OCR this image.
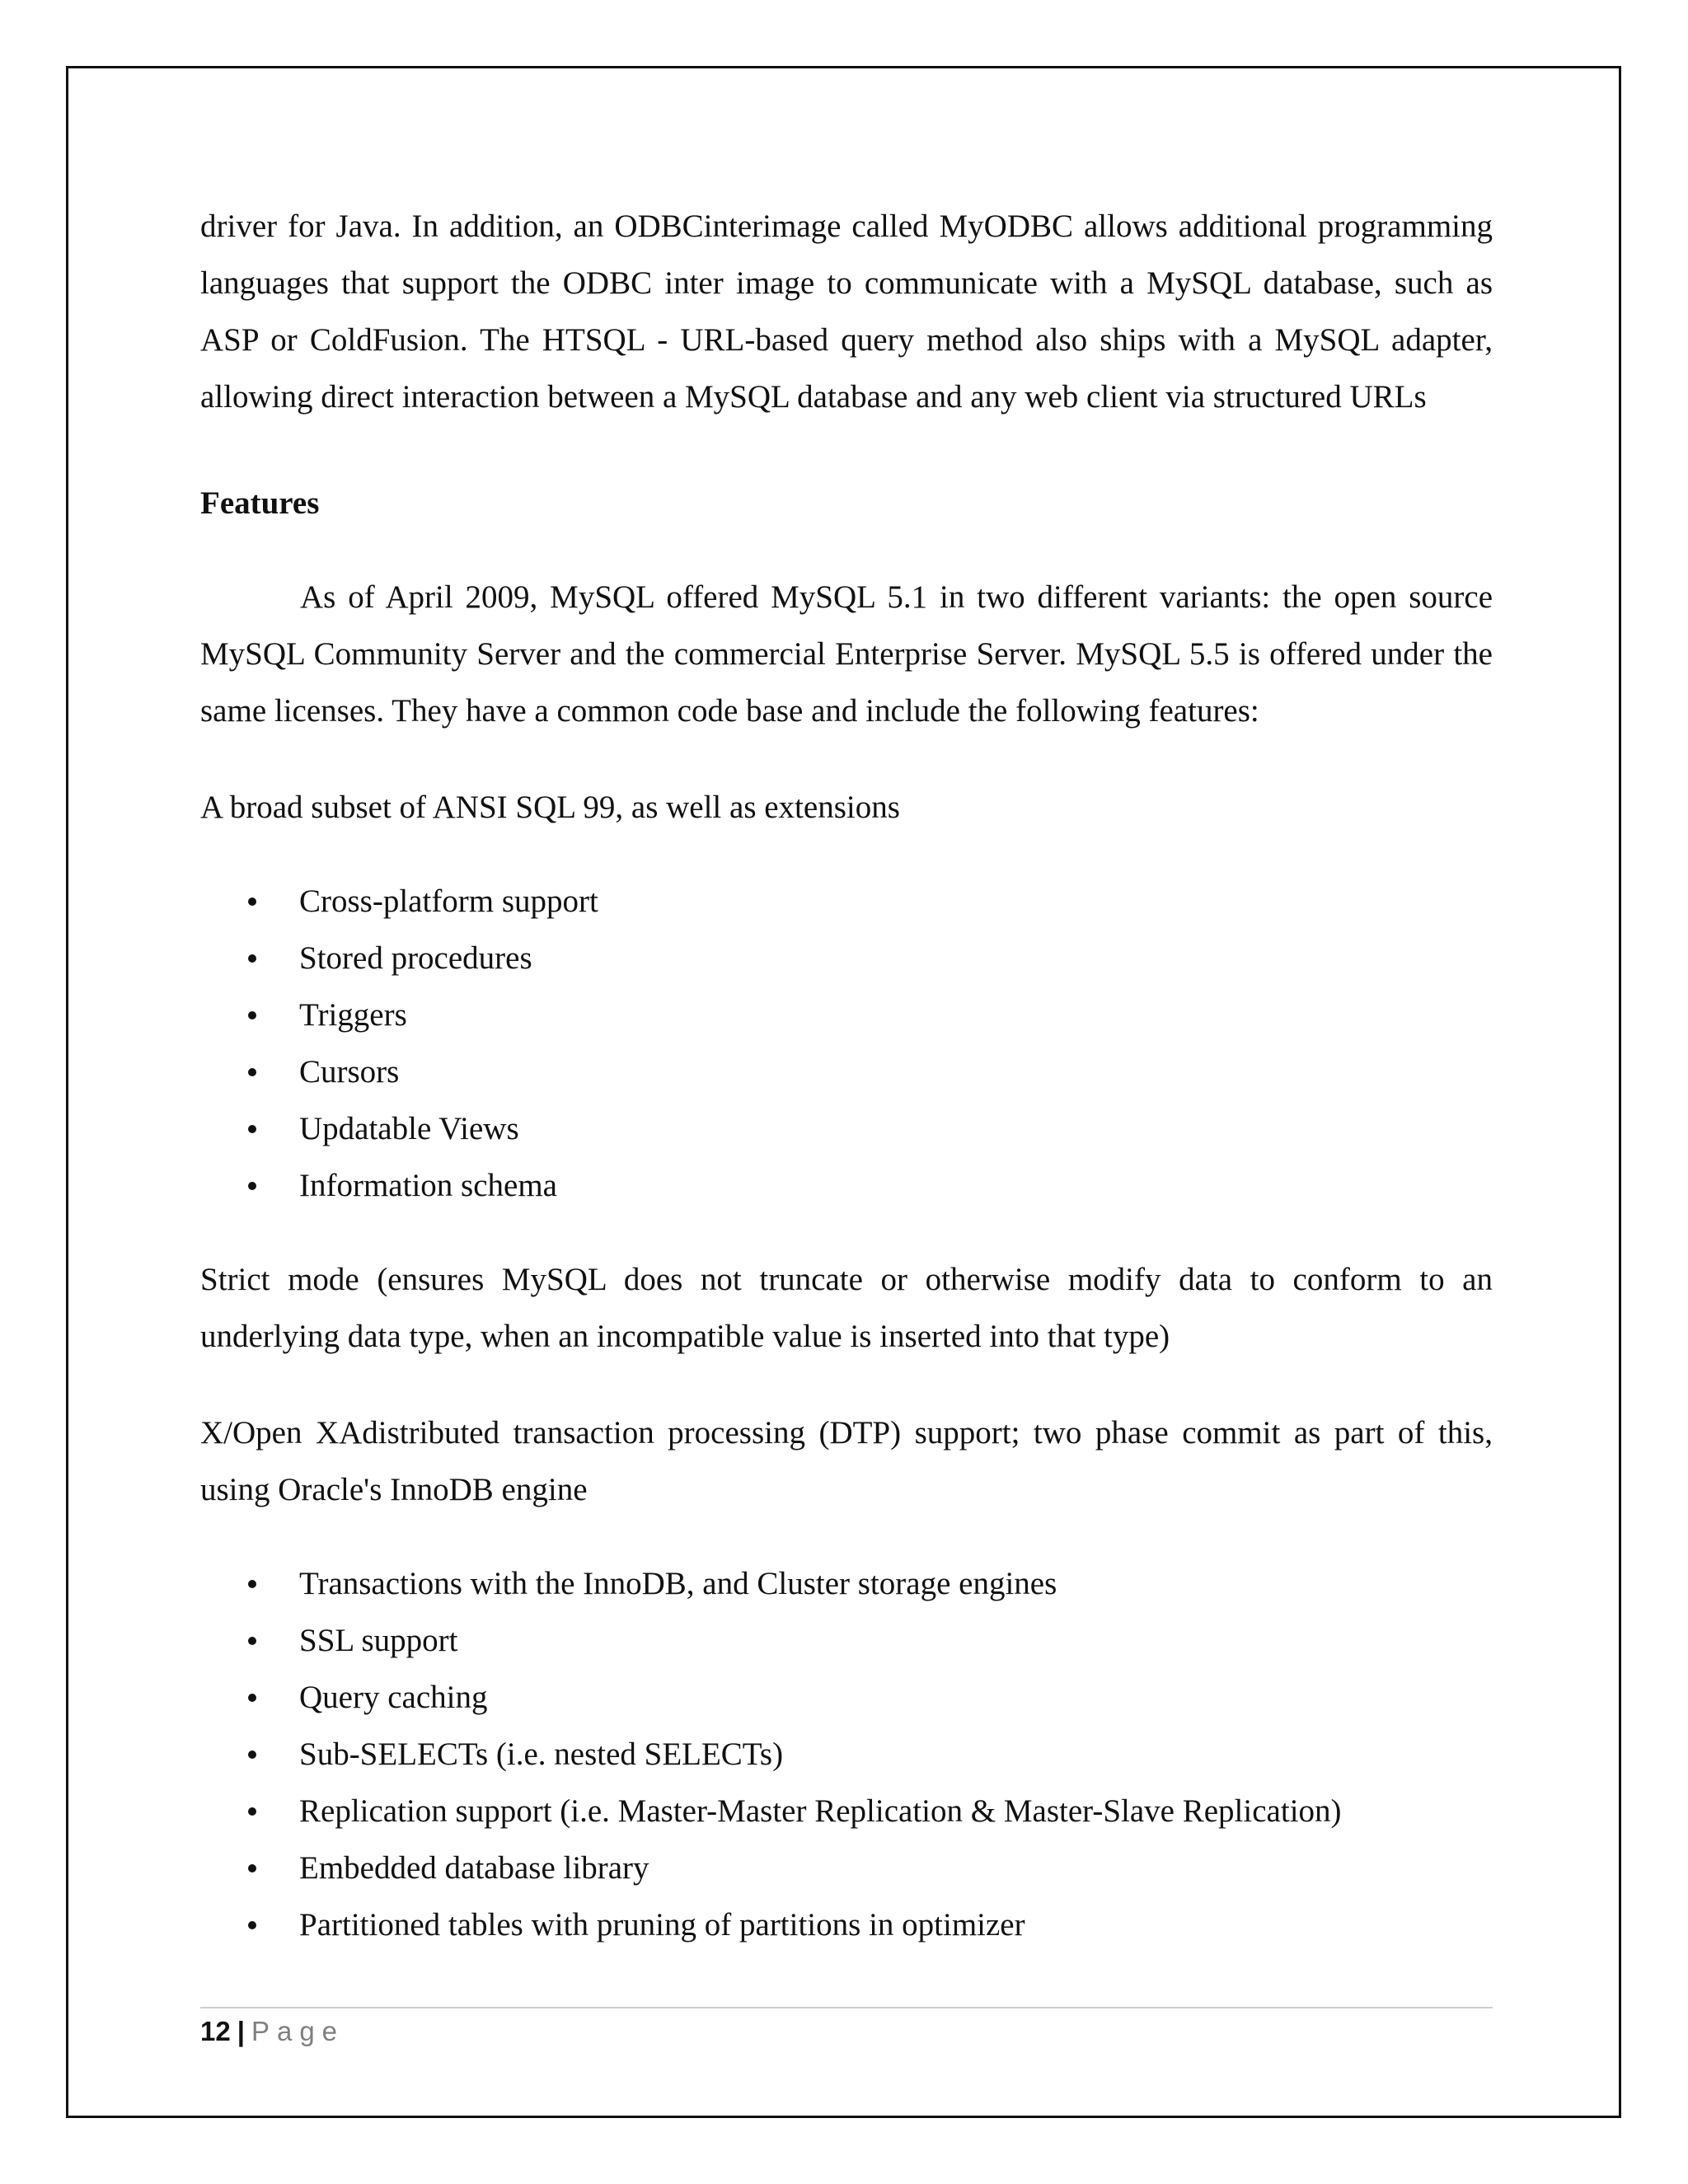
driver for Java. In addition, an ODBCinterimage called MyODBC allows additional programming
languages that support the ODBC inter image to communicate with a MySQL database, such as
ASP or ColdFusion. The HTSQL - URL-based query method also ships with a MySQL adapter,
allowing direct interaction between a MySQL database and any web client via structured URLs

Features

As of April 2009, MySQL offered MySQL 5.1 in two different variants: the open source MySQL Community Server and the commercial Enterprise Server. MySQL 5.5 is offered under the same licenses. They have a common code base and include the following features:

A broad subset of ANSI SQL 99, as well as extensions

Cross-platform support
Stored procedures
Triggers
Cursors
Updatable Views
Information schema

Strict mode (ensures MySQL does not truncate or otherwise modify data to conform to an underlying data type, when an incompatible value is inserted into that type)

X/Open XAdistributed transaction processing (DTP) support; two phase commit as part of this, using Oracle's InnoDB engine

Transactions with the InnoDB, and Cluster storage engines
SSL support
Query caching
Sub-SELECTs (i.e. nested SELECTs)
Replication support (i.e. Master-Master Replication & Master-Slave Replication)
Embedded database library
Partitioned tables with pruning of partitions in optimizer
12 | Page
